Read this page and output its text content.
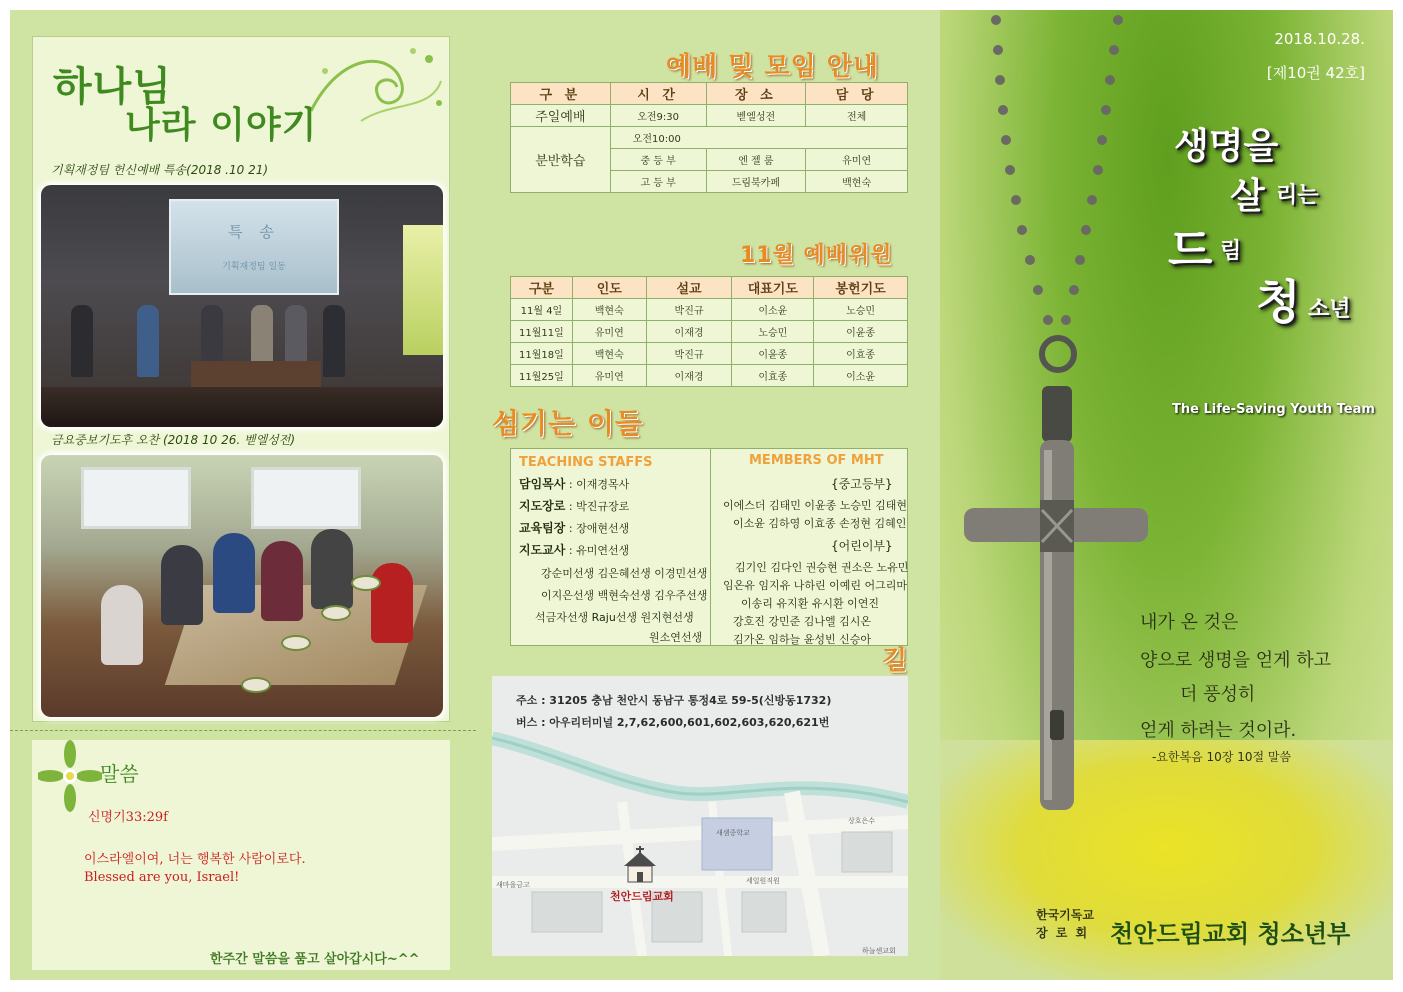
하나님
나라 이야기
기획재정팀 헌신예배 특송(2018 .10 21)
특 송
기획재정팀 일동
금요중보기도후 오찬 (2018 10 26. 벧엘성전)
말씀
신명기33:29f
이스라엘이여, 너는 행복한 사람이로다.
Blessed are you, Israel!
한주간 말씀을 품고 살아갑시다~^^
예배 및 모임 안내
구 분	시 간	장 소	담 당
주일예배	오전9:30	벧엘성전	전체
분반학습	오전10:00		
	중 등 부	엔 젤 룸	유미연
	고 등 부	드림북카페	백현숙
11월 예배위원
구분	인도	설교	대표기도	봉헌기도
11월 4일	백현숙	박진규	이소윤	노승민
11월11일	유미연	이재경	노승민	이윤종
11월18일	백현숙	박진규	이윤종	이효종
11월25일	유미연	이재경	이효종	이소윤
섬기는 이들
TEACHING STAFFS	MEMBERS OF MHT
담임목사 : 이재경목사
지도장로 : 박진규장로
교육팀장 : 장애현선생
지도교사 : 유미연선생
강순미선생 김은혜선생 이경민선생
이지은선생 백현숙선생 김우주선생
석금자선생 Raju선생 원지현선생
원소연선생
{중고등부}
이에스더 김태민 이윤종 노승민 김태현
이소윤 김하영 이효종 손정현 김혜인
{어린이부}
김기인 김다인 권승현 권소은 노유민
임온유 임지유 나하린 이예린 어그리마
이송리 유지환 유시환 이연진
강호진 강민준 김나엘 김시온
김가온 임하늘 윤성빈 신승아
길
주소 : 31205 충남 천안시 동남구 통정4로 59-5(신방동1732)
버스 : 아우리터미널 2,7,62,600,601,602,603,620,621번
새샘중학교
새마을금고
상호은수
세일원직원
하늘센교회
천안드림교회
2018.10.28.
[제10권 42호]
생명을
살 리는
드 림
청 소년
The Life-Saving Youth Team
내가 온 것은
양으로 생명을 얻게 하고
더 풍성히
얻게 하려는 것이라.
-요한복음 10장 10절 말씀
한국기독교
장 로 회 천안드림교회 청소년부
